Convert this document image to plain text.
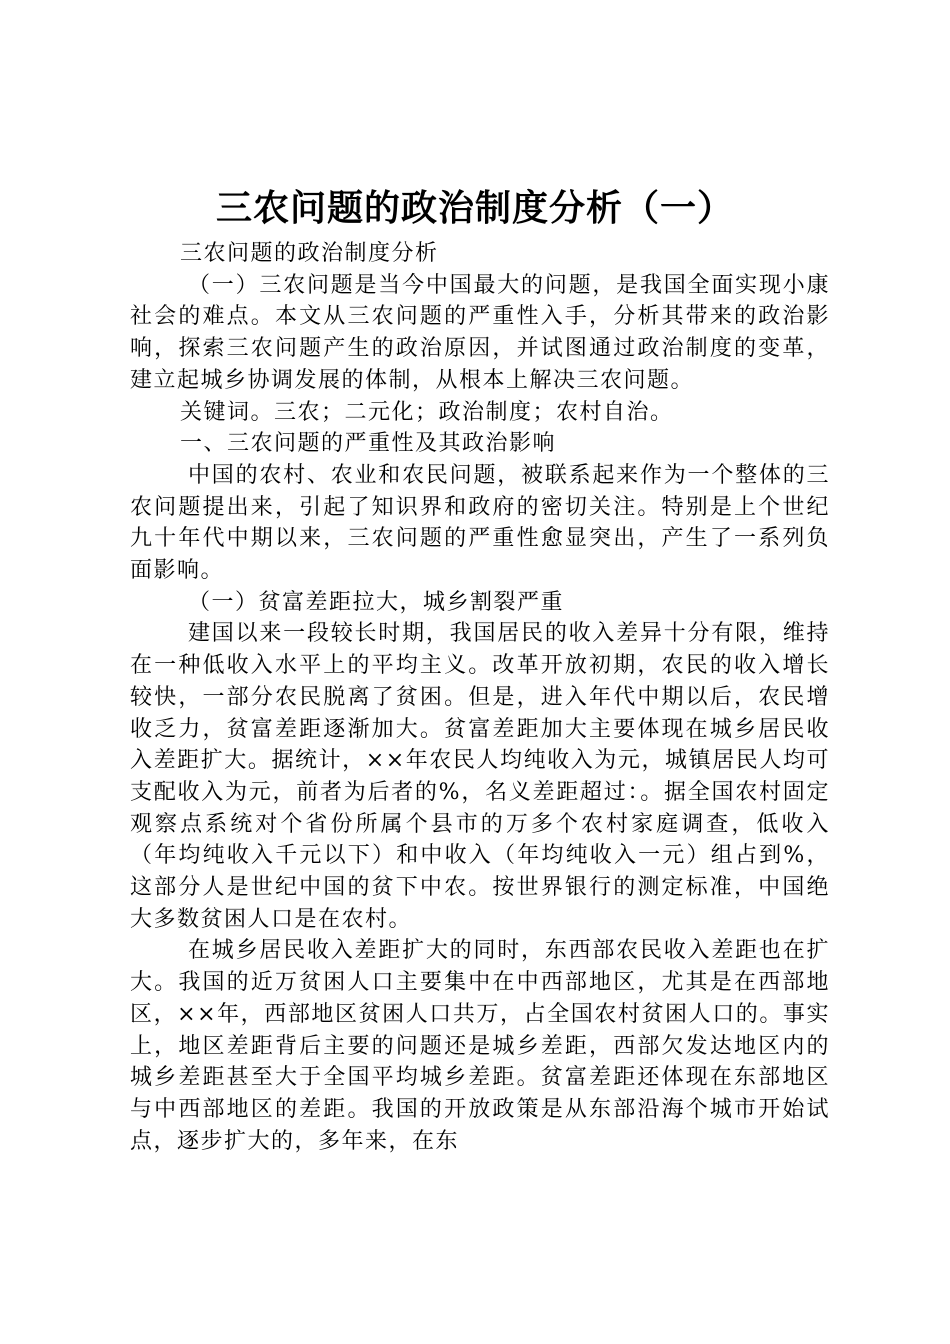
三农问题的政治制度分析（一）

三农问题的政治制度分析

（一）三农问题是当今中国最大的问题，是我国全面实现小康社会的难点。本文从三农问题的严重性入手，分析其带来的政治影响，探索三农问题产生的政治原因，并试图通过政治制度的变革，建立起城乡协调发展的体制，从根本上解决三农问题。

关键词。三农；二元化；政治制度；农村自治。

一、三农问题的严重性及其政治影响

中国的农村、农业和农民问题，被联系起来作为一个整体的三农问题提出来，引起了知识界和政府的密切关注。特别是上个世纪九十年代中期以来，三农问题的严重性愈显突出，产生了一系列负面影响。

（一）贫富差距拉大，城乡割裂严重

建国以来一段较长时期，我国居民的收入差异十分有限，维持在一种低收入水平上的平均主义。改革开放初期，农民的收入增长较快，一部分农民脱离了贫困。但是，进入年代中期以后，农民增收乏力，贫富差距逐渐加大。贫富差距加大主要体现在城乡居民收入差距扩大。据统计，××年农民人均纯收入为元，城镇居民人均可支配收入为元，前者为后者的%，名义差距超过：。据全国农村固定观察点系统对个省份所属个县市的万多个农村家庭调查，低收入（年均纯收入千元以下）和中收入（年均纯收入一元）组占到%，这部分人是世纪中国的贫下中农。按世界银行的测定标准，中国绝大多数贫困人口是在农村。

在城乡居民收入差距扩大的同时，东西部农民收入差距也在扩大。我国的近万贫困人口主要集中在中西部地区，尤其是在西部地区，××年，西部地区贫困人口共万，占全国农村贫困人口的。事实上，地区差距背后主要的问题还是城乡差距，西部欠发达地区内的城乡差距甚至大于全国平均城乡差距。贫富差距还体现在东部地区与中西部地区的差距。我国的开放政策是从东部沿海个城市开始试点，逐步扩大的，多年来，在东
